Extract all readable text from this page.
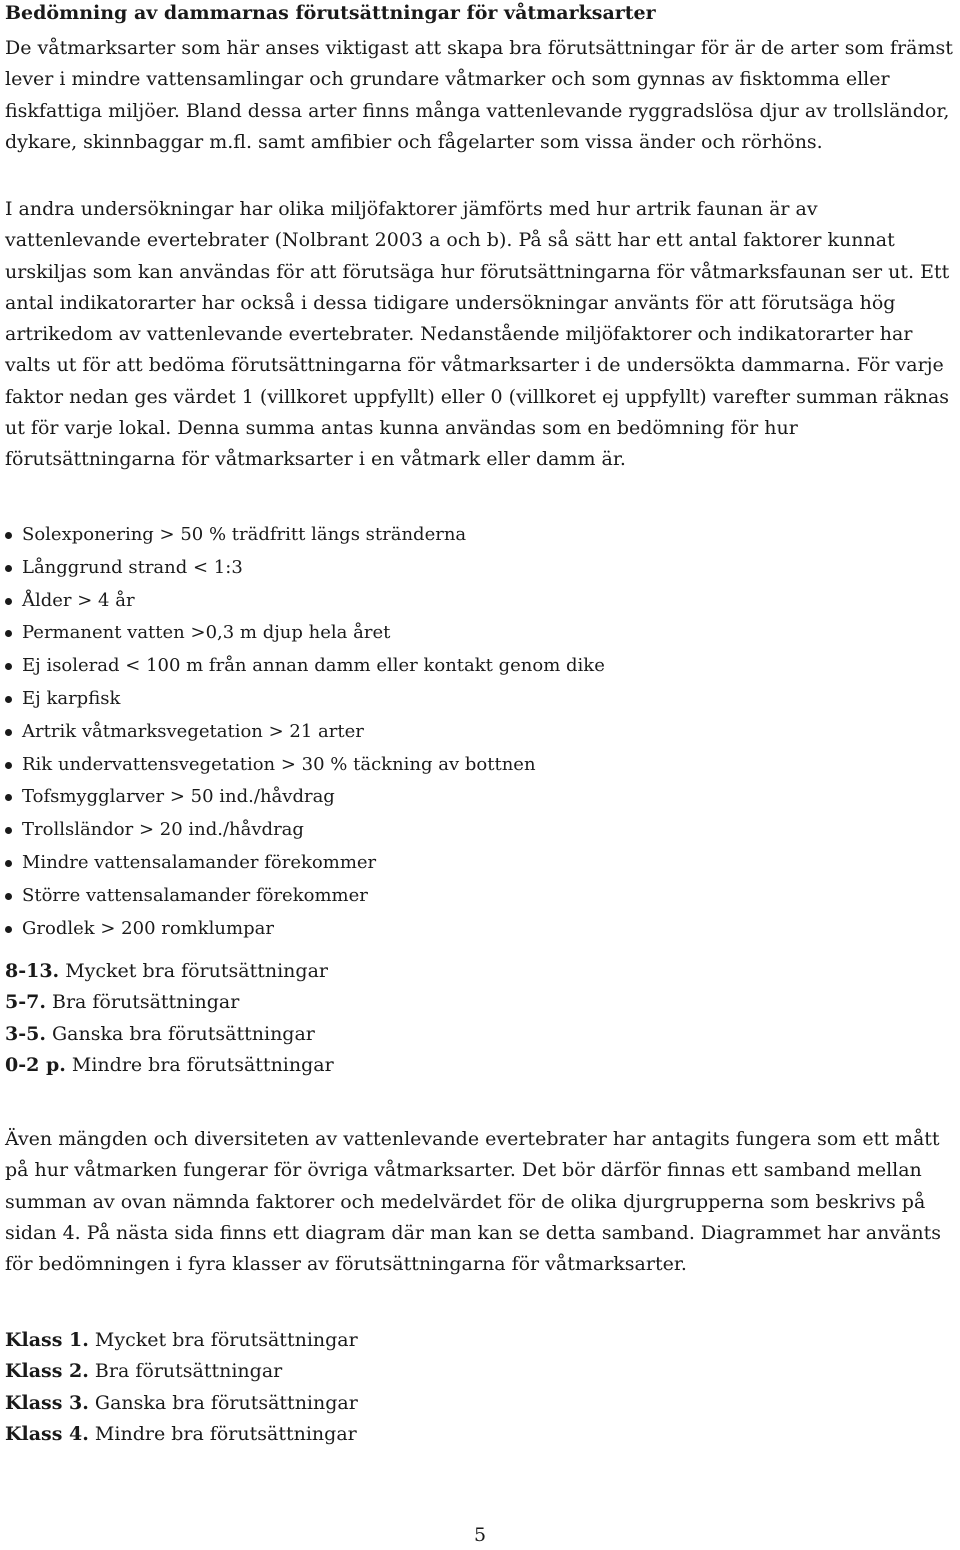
Bedömning av dammarnas förutsättningar för våtmarksarter

De våtmarksarter som här anses viktigast att skapa bra förutsättningar för är de arter som främst lever i mindre vattensamlingar och grundare våtmarker och som gynnas av fisktomma eller fiskfattiga miljöer. Bland dessa arter finns många vattenlevande ryggradslösa djur av trollsländor, dykare, skinnbaggar m.fl. samt amfibier och fågelarter som vissa änder och rörhöns.

I andra undersökningar har olika miljöfaktorer jämförts med hur artrik faunan är av vattenlevande evertebrater (Nolbrant 2003 a och b). På så sätt har ett antal faktorer kunnat urskiljas som kan användas för att förutsäga hur förutsättningarna för våtmarksfaunan ser ut. Ett antal indikatorarter har också i dessa tidigare undersökningar använts för att förutsäga hög artrikedom av vattenlevande evertebrater. Nedanstående miljöfaktorer och indikatorarter har valts ut för att bedöma förutsättningarna för våtmarksarter i de undersökta dammarna. För varje faktor nedan ges värdet 1 (villkoret uppfyllt) eller 0 (villkoret ej uppfyllt) varefter summan räknas ut för varje lokal. Denna summa antas kunna användas som en bedömning för hur förutsättningarna för våtmarksarter i en våtmark eller damm är.

Solexponering > 50 % trädfritt längs stränderna
Långgrund strand < 1:3
Ålder > 4 år
Permanent vatten >0,3 m djup hela året
Ej isolerad < 100 m från annan damm eller kontakt genom dike
Ej karpfisk
Artrik våtmarksvegetation > 21 arter
Rik undervattensvegetation > 30 % täckning av bottnen
Tofsmygglarver > 50 ind./håvdrag
Trollsländor > 20 ind./håvdrag
Mindre vattensalamander förekommer
Större vattensalamander förekommer
Grodlek > 200 romklumpar
8-13. Mycket bra förutsättningar
5-7. Bra förutsättningar
3-5. Ganska bra förutsättningar
0-2 p. Mindre bra förutsättningar

Även mängden och diversiteten av vattenlevande evertebrater har antagits fungera som ett mått på hur våtmarken fungerar för övriga våtmarksarter. Det bör därför finnas ett samband mellan summan av ovan nämnda faktorer och medelvärdet för de olika djurgrupperna som beskrivs på sidan 4. På nästa sida finns ett diagram där man kan se detta samband. Diagrammet har använts för bedömningen i fyra klasser av förutsättningarna för våtmarksarter.

Klass 1. Mycket bra förutsättningar
Klass 2. Bra förutsättningar
Klass 3. Ganska bra förutsättningar
Klass 4. Mindre bra förutsättningar
5
